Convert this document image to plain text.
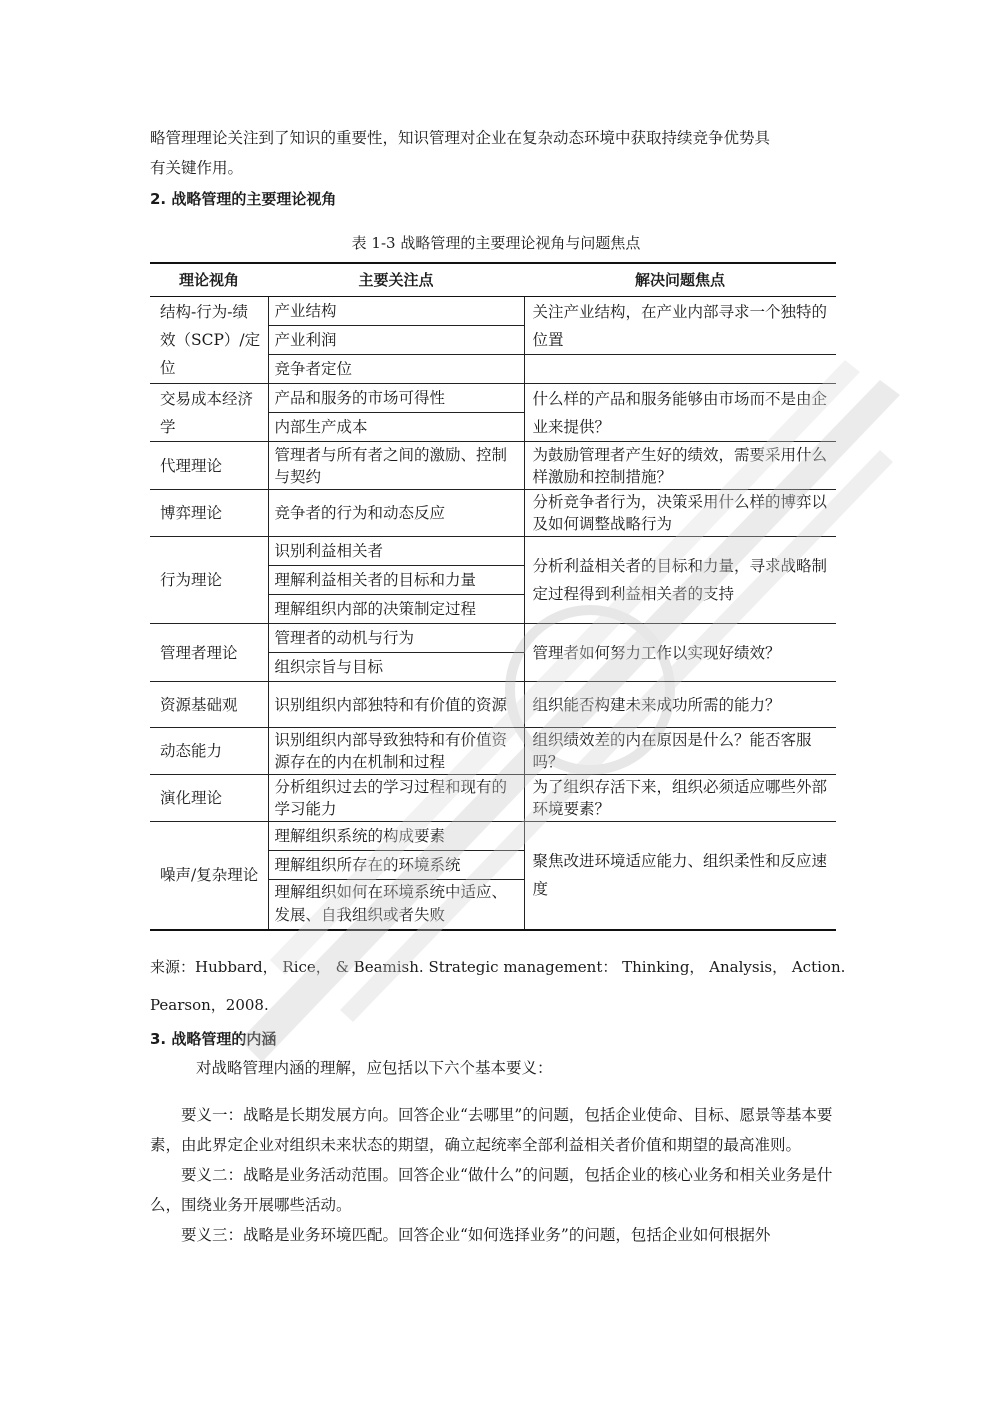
略管理理论关注到了知识的重要性，知识管理对企业在复杂动态环境中获取持续竞争优势具

有关键作用。

2. 战略管理的主要理论视角
表 1-3 战略管理的主要理论视角与问题焦点
理论视角	主要关注点	解决问题焦点
结构-行为-绩效（SCP）/定位	产业结构	关注产业结构，在产业内部寻求一个独特的位置
	产业利润	
	竞争者定位	
交易成本经济学	产品和服务的市场可得性	什么样的产品和服务能够由市场而不是由企业来提供？
	内部生产成本	
代理理论	管理者与所有者之间的激励、控制与契约	为鼓励管理者产生好的绩效，需要采用什么样激励和控制措施？
博弈理论	竞争者的行为和动态反应	分析竞争者行为，决策采用什么样的博弈以及如何调整战略行为
行为理论	识别利益相关者	分析利益相关者的目标和力量，寻求战略制定过程得到利益相关者的支持
	理解利益相关者的目标和力量	
	理解组织内部的决策制定过程	
管理者理论	管理者的动机与行为	管理者如何努力工作以实现好绩效？
	组织宗旨与目标	
资源基础观	识别组织内部独特和有价值的资源	组织能否构建未来成功所需的能力？
动态能力	识别组织内部导致独特和有价值资源存在的内在机制和过程	组织绩效差的内在原因是什么？能否客服吗？
演化理论	分析组织过去的学习过程和现有的学习能力	为了组织存活下来，组织必须适应哪些外部环境要素？
噪声/复杂理论	理解组织系统的构成要素	聚焦改进环境适应能力、组织柔性和反应速度
	理解组织所存在的环境系统	
	理解组织如何在环境系统中适应、发展、自我组织或者失败	
来源：Hubbard， Rice， & Beamish. Strategic management： Thinking， Analysis， Action. Pearson，2008.
3. 战略管理的内涵
对战略管理内涵的理解，应包括以下六个基本要义：

要义一：战略是长期发展方向。回答企业“去哪里”的问题，包括企业使命、目标、愿景等基本要素，由此界定企业对组织未来状态的期望，确立起统率全部利益相关者价值和期望的最高准则。

要义二：战略是业务活动范围。回答企业“做什么”的问题，包括企业的核心业务和相关业务是什么，围绕业务开展哪些活动。

要义三：战略是业务环境匹配。回答企业“如何选择业务”的问题，包括企业如何根据外
